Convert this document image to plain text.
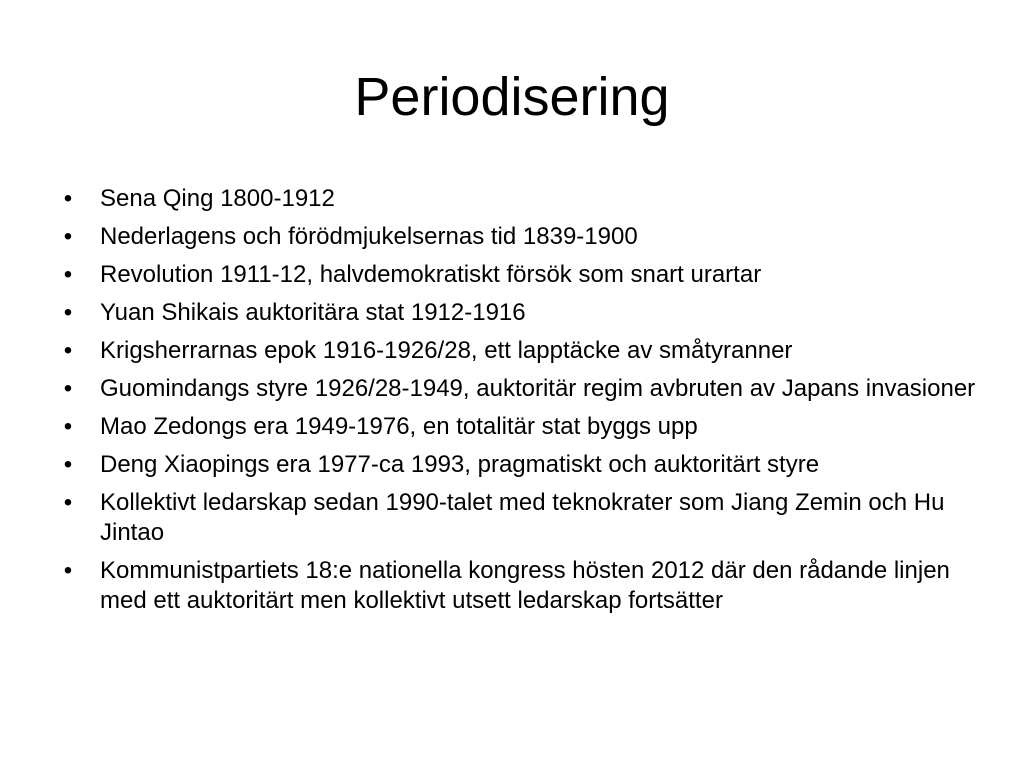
Periodisering
• Sena Qing 1800-1912
• Nederlagens och förödmjukelsernas tid 1839-1900
• Revolution 1911-12, halvdemokratiskt försök som snart urartar
• Yuan Shikais auktoritära stat 1912-1916
• Krigsherrarnas epok 1916-1926/28, ett lapptäcke av småtyranner
• Guomindangs styre 1926/28-1949, auktoritär regim avbruten av Japans invasioner
• Mao Zedongs era 1949-1976, en totalitär stat byggs upp
• Deng Xiaopings era 1977-ca 1993, pragmatiskt och auktoritärt styre
• Kollektivt ledarskap sedan 1990-talet med teknokrater som Jiang Zemin och Hu Jintao
• Kommunistpartiets 18:e nationella kongress hösten 2012 där den rådande linjen med ett auktoritärt men kollektivt utsett ledarskap fortsätter
